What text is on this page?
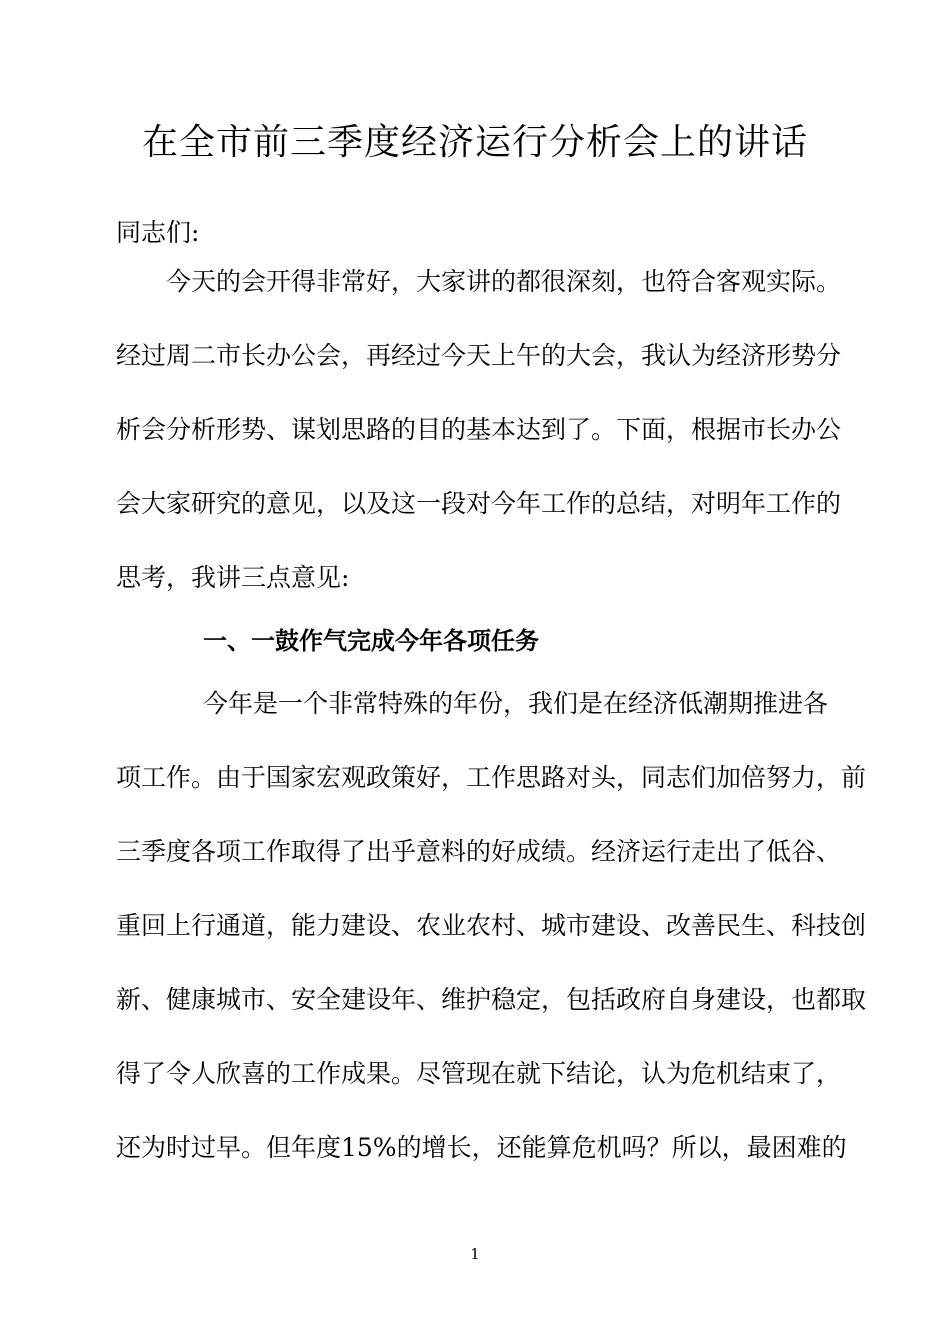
在全市前三季度经济运行分析会上的讲话
同志们:
今天的会开得非常好，大家讲的都很深刻，也符合客观实际。
经过周二市长办公会，再经过今天上午的大会，我认为经济形势分
析会分析形势、谋划思路的目的基本达到了。下面，根据市长办公
会大家研究的意见，以及这一段对今年工作的总结，对明年工作的
思考，我讲三点意见:
一、一鼓作气完成今年各项任务
今年是一个非常特殊的年份，我们是在经济低潮期推进各
项工作。由于国家宏观政策好，工作思路对头，同志们加倍努力，前
三季度各项工作取得了出乎意料的好成绩。经济运行走出了低谷、
重回上行通道，能力建设、农业农村、城市建设、改善民生、科技创
新、健康城市、安全建设年、维护稳定，包括政府自身建设，也都取
得了令人欣喜的工作成果。尽管现在就下结论，认为危机结束了，
还为时过早。但年度15%的增长，还能算危机吗？所以，最困难的
1
